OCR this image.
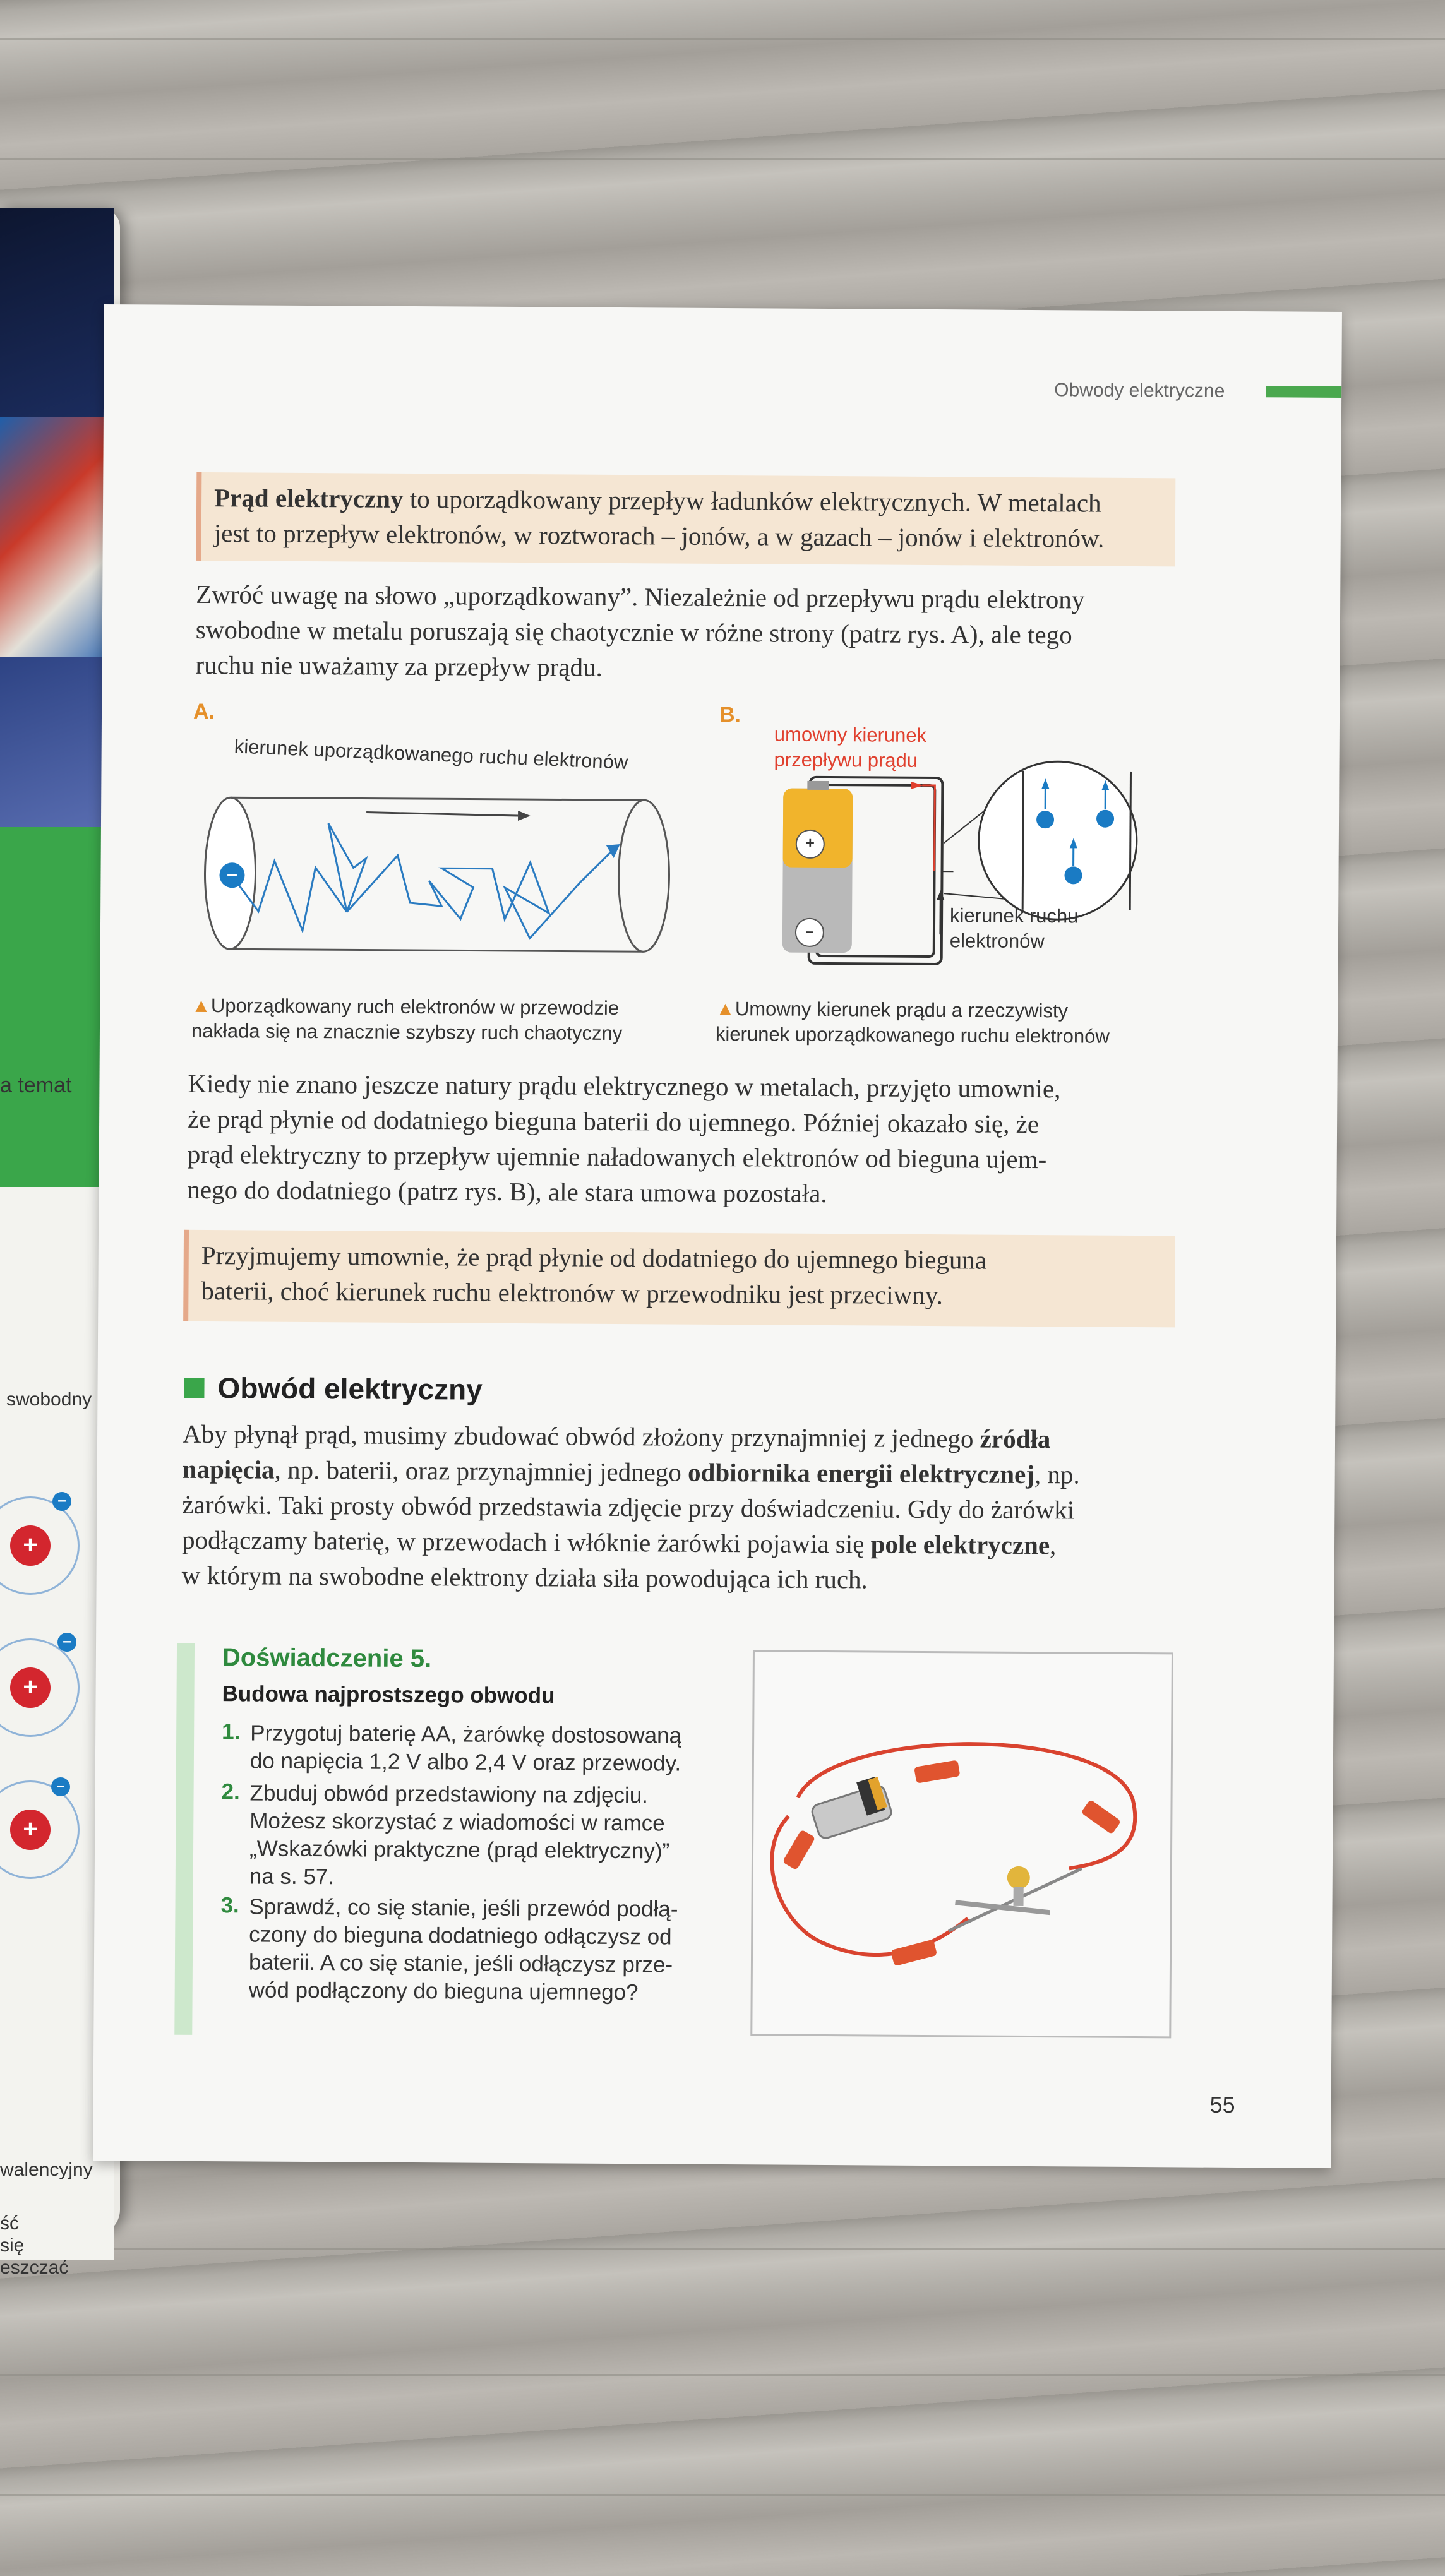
a temat
swobodny
+
–
+
–
+
–
walencyjny
ść
się
eszczać
Obwody elektryczne
Prąd elektryczny to uporządkowany przepływ ładunków elektrycznych. W metalach
jest to przepływ elektronów, w roztworach – jonów, a w gazach – jonów i elektronów.
Zwróć uwagę na słowo „uporządkowany”. Niezależnie od przepływu prądu elektrony
swobodne w metalu poruszają się chaotycznie w różne strony (patrz rys. A), ale tego
ruchu nie uważamy za przepływ prądu.
A.
kierunek uporządkowanego ruchu elektronów
–
B.
umowny kierunek
przepływu prądu
+
–
kierunek ruchu
elektronów
▲Uporządkowany ruch elektronów w przewodzie
nakłada się na znacznie szybszy ruch chaotyczny
▲Umowny kierunek prądu a rzeczywisty
kierunek uporządkowanego ruchu elektronów
Kiedy nie znano jeszcze natury prądu elektrycznego w metalach, przyjęto umownie,
że prąd płynie od dodatniego bieguna baterii do ujemnego. Później okazało się, że
prąd elektryczny to przepływ ujemnie naładowanych elektronów od bieguna ujem-
nego do dodatniego (patrz rys. B), ale stara umowa pozostała.
Przyjmujemy umownie, że prąd płynie od dodatniego do ujemnego bieguna
baterii, choć kierunek ruchu elektronów w przewodniku jest przeciwny.
Obwód elektryczny
Aby płynął prąd, musimy zbudować obwód złożony przynajmniej z jednego źródła
napięcia, np. baterii, oraz przynajmniej jednego odbiornika energii elektrycznej, np.
żarówki. Taki prosty obwód przedstawia zdjęcie przy doświadczeniu. Gdy do żarówki
podłączamy baterię, w przewodach i włóknie żarówki pojawia się pole elektryczne,
w którym na swobodne elektrony działa siła powodująca ich ruch.
Doświadczenie 5.
Budowa najprostszego obwodu
1. Przygotuj baterię AA, żarówkę dostosowaną
do napięcia 1,2 V albo 2,4 V oraz przewody.
2. Zbuduj obwód przedstawiony na zdjęciu.
Możesz skorzystać z wiadomości w ramce
„Wskazówki praktyczne (prąd elektryczny)”
na s. 57.
3. Sprawdź, co się stanie, jeśli przewód podłą-
czony do bieguna dodatniego odłączysz od
baterii. A co się stanie, jeśli odłączysz prze-
wód podłączony do bieguna ujemnego?
55
